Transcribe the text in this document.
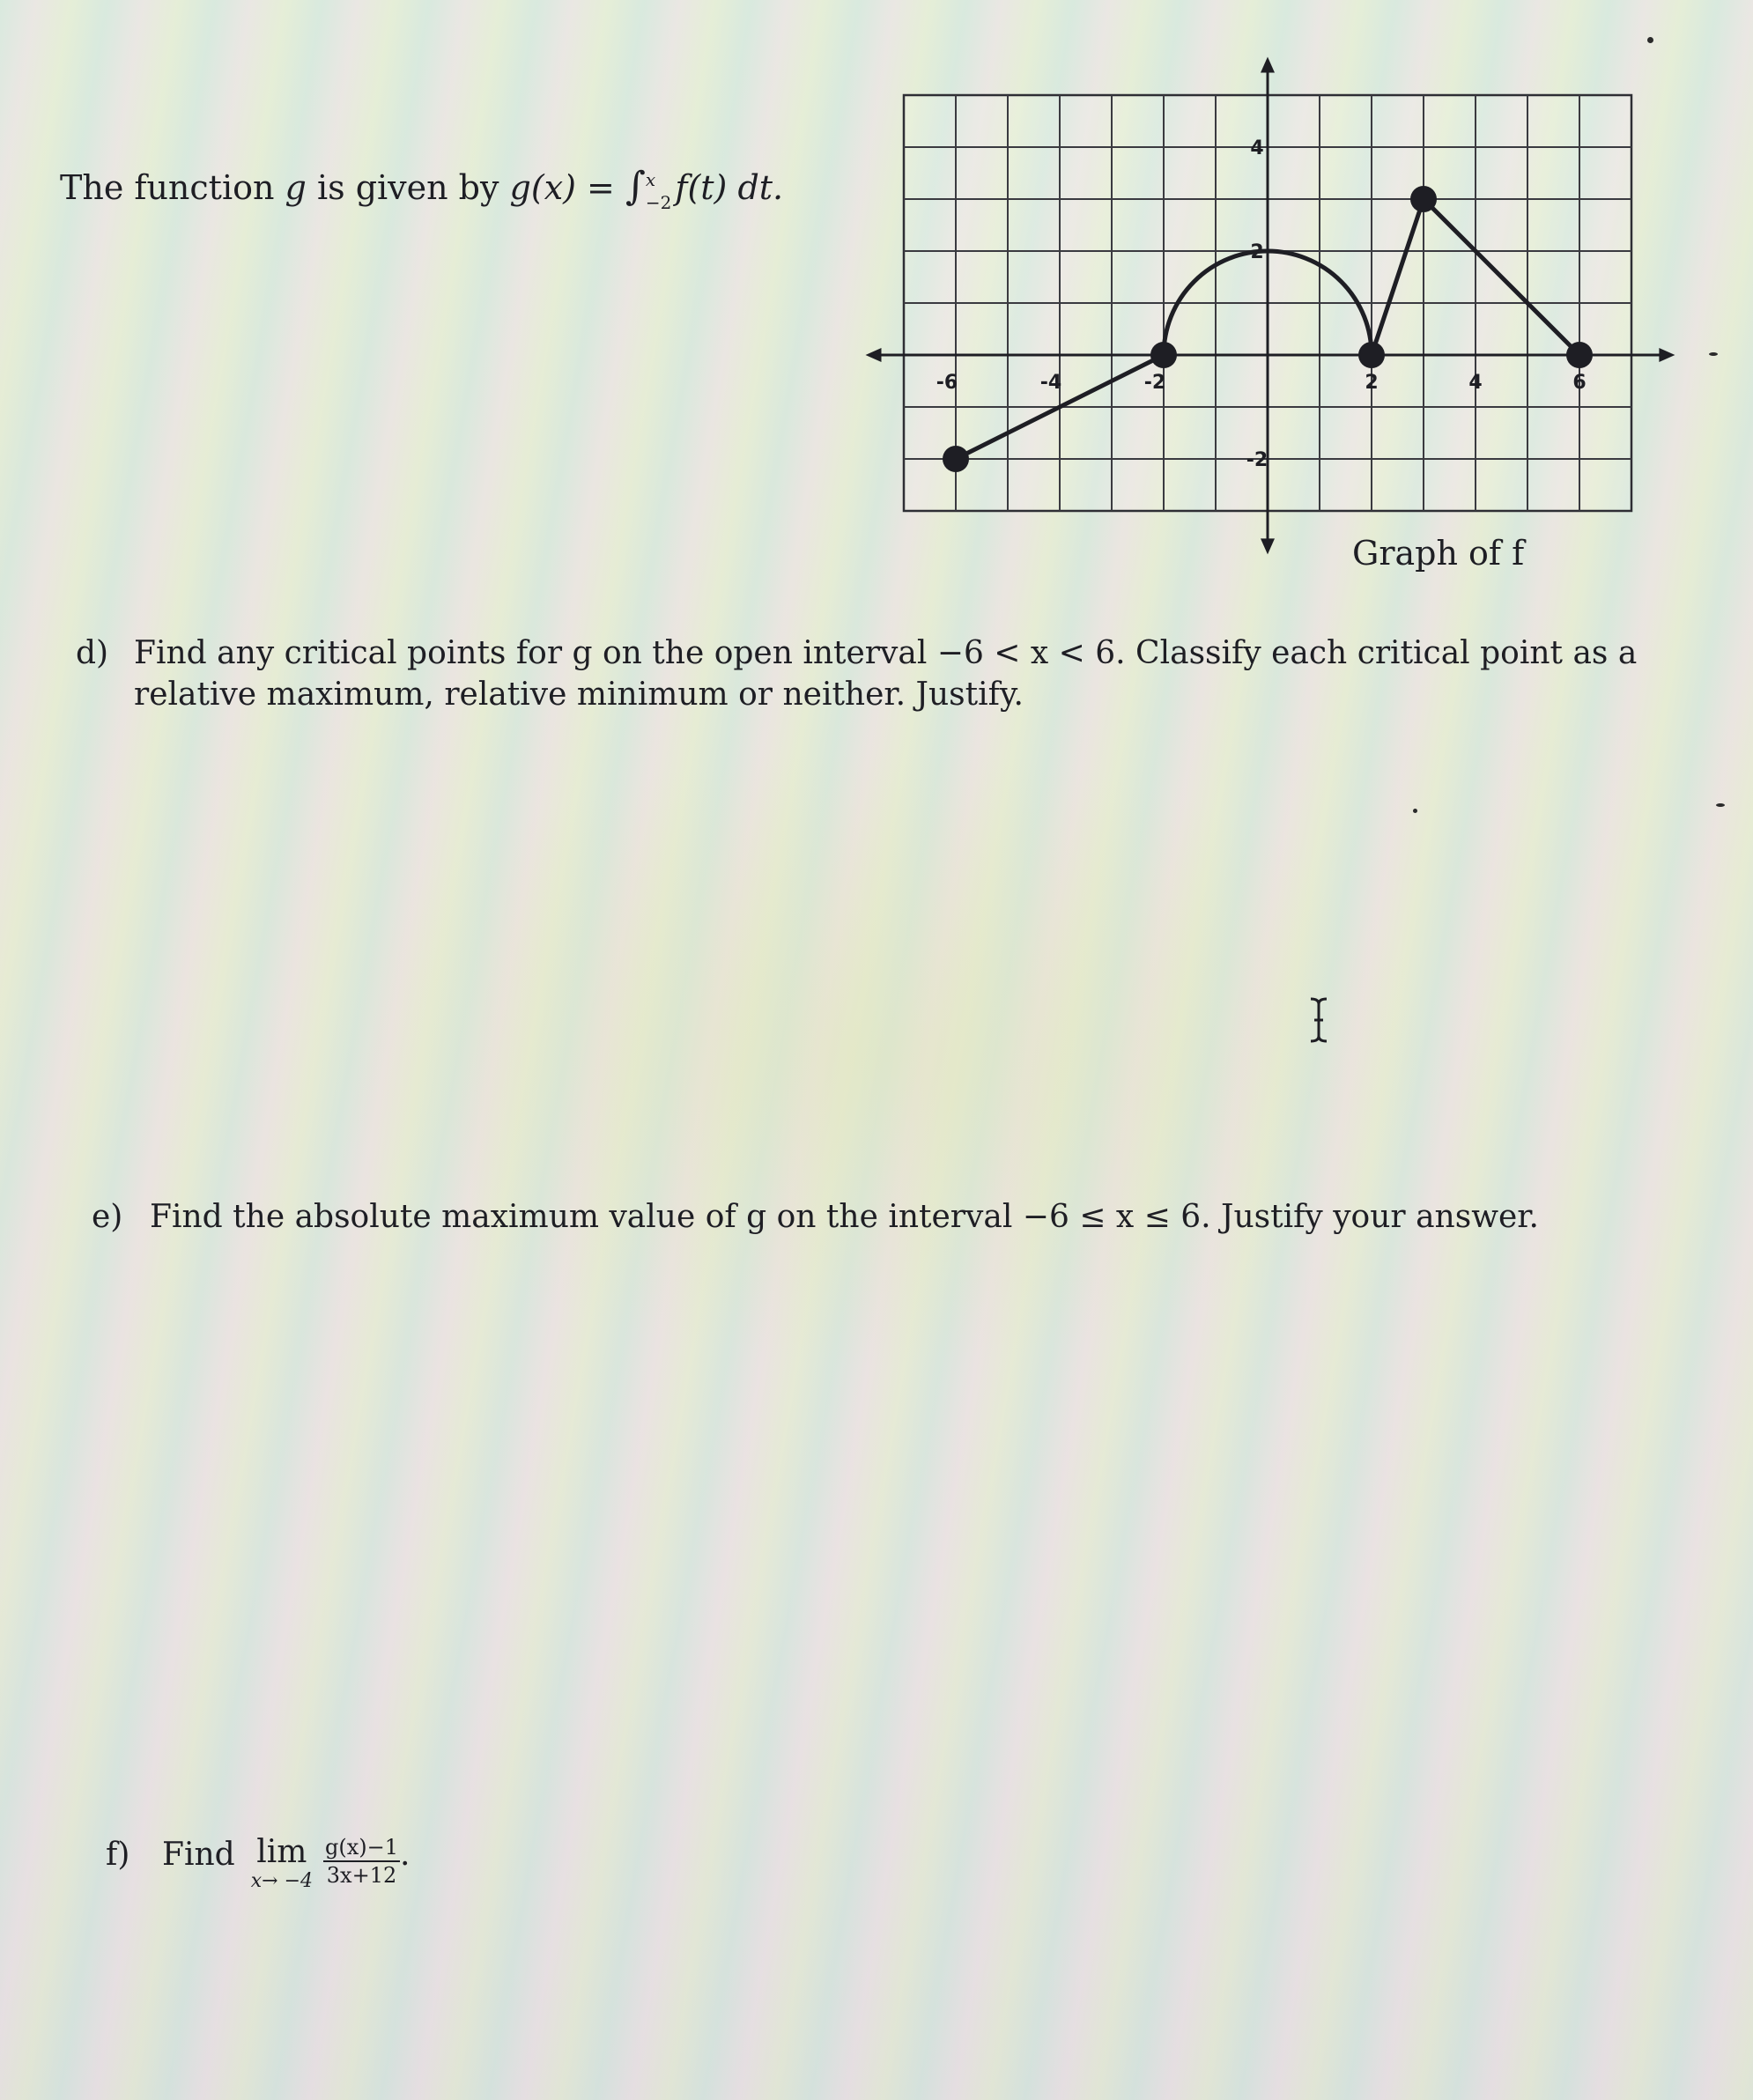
The function g is given by g(x) = ∫ x
−2 f(t) dt.
-6	-4	-2	2	4	6
4
2
-2
Graph of f
d) Find any critical points for g on the open interval −6 < x < 6. Classify each critical point as a relative maximum, relative minimum or neither. Justify.
e) Find the absolute maximum value of g on the interval −6 ≤ x ≤ 6. Justify your answer.
f) Find lim
$x\to -4 \frac{g(x)-1}{3x+12}$ .
